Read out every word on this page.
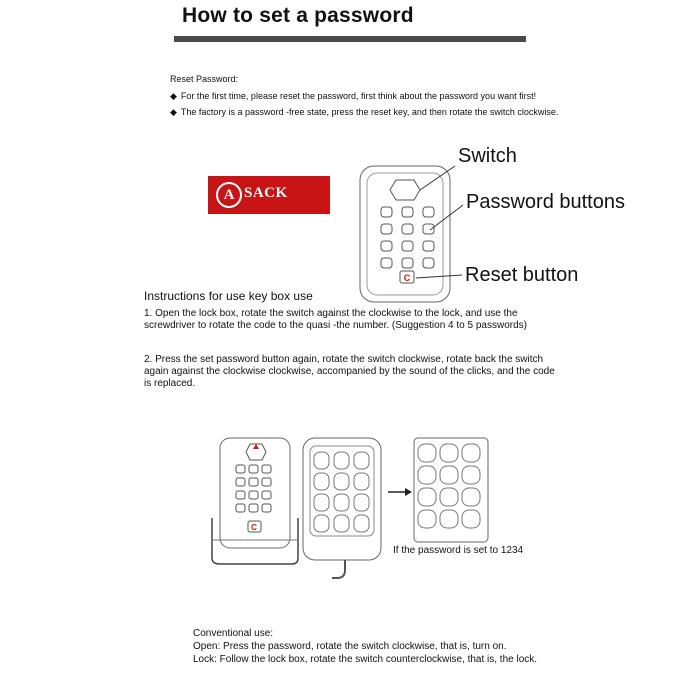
How to set a password
Reset Password:
◆ For the first time, please reset the password, first think about the password you want first!
◆ The factory is a password -free state, press the reset key, and then rotate the switch clockwise.
A SACK
C
C
Switch
Password buttons
Reset button
Instructions for use key box use
1. Open the lock box, rotate the switch against the clockwise to the lock, and use the screwdriver to rotate the code to the quasi -the number. (Suggestion 4 to 5 passwords)
2. Press the set password button again, rotate the switch clockwise, rotate back the switch again against the clockwise clockwise, accompanied by the sound of the clicks, and the code is replaced.
If the password is set to 1234
Conventional use:
Open: Press the password, rotate the switch clockwise, that is, turn on.
Lock: Follow the lock box, rotate the switch counterclockwise, that is, the lock.
